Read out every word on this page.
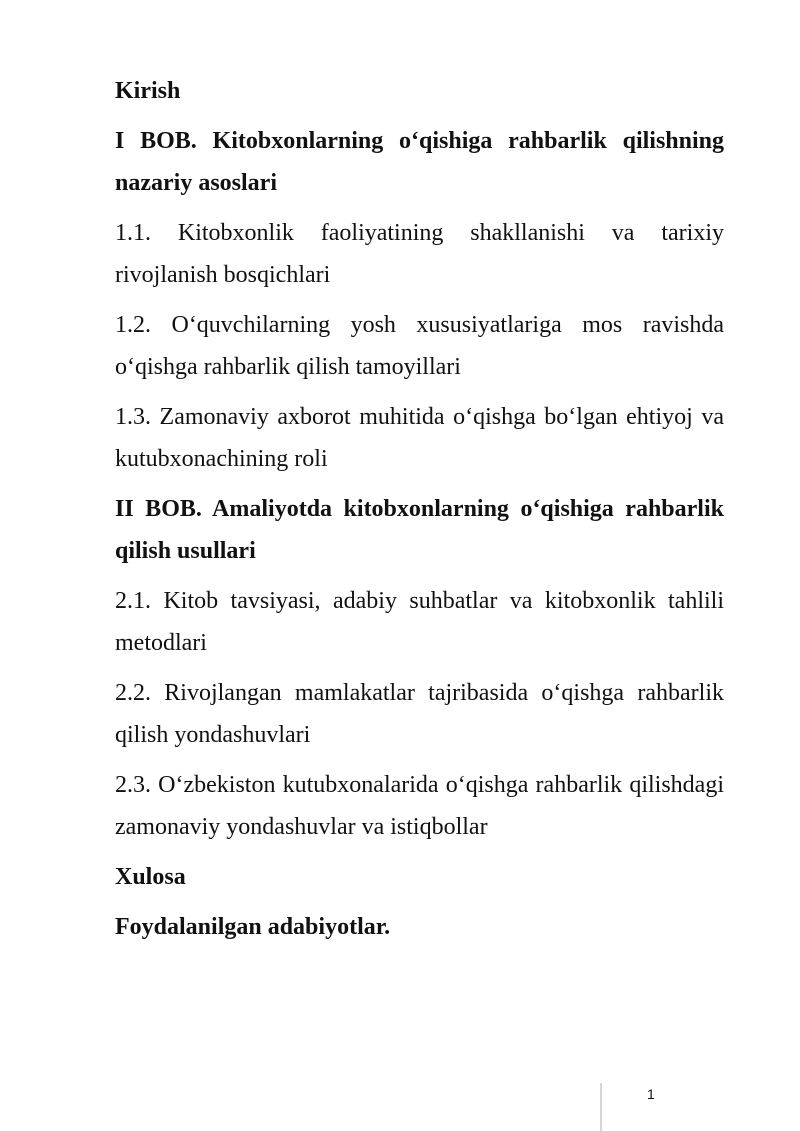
Kirish
I BOB. Kitobxonlarning o‘qishiga rahbarlik qilishning nazariy asoslari
1.1. Kitobxonlik faoliyatining shakllanishi va tarixiy rivojlanish bosqichlari
1.2. O‘quvchilarning yosh xususiyatlariga mos ravishda o‘qishga rahbarlik qilish tamoyillari
1.3. Zamonaviy axborot muhitida o‘qishga bo‘lgan ehtiyoj va kutubxonachining roli
II BOB. Amaliyotda kitobxonlarning o‘qishiga rahbarlik qilish usullari
2.1. Kitob tavsiyasi, adabiy suhbatlar va kitobxonlik tahlili metodlari
2.2. Rivojlangan mamlakatlar tajribasida o‘qishga rahbarlik qilish yondashuvlari
2.3. O‘zbekiston kutubxonalarida o‘qishga rahbarlik qilishdagi zamonaviy yondashuvlar va istiqbollar
Xulosa
Foydalanilgan adabiyotlar.
1
